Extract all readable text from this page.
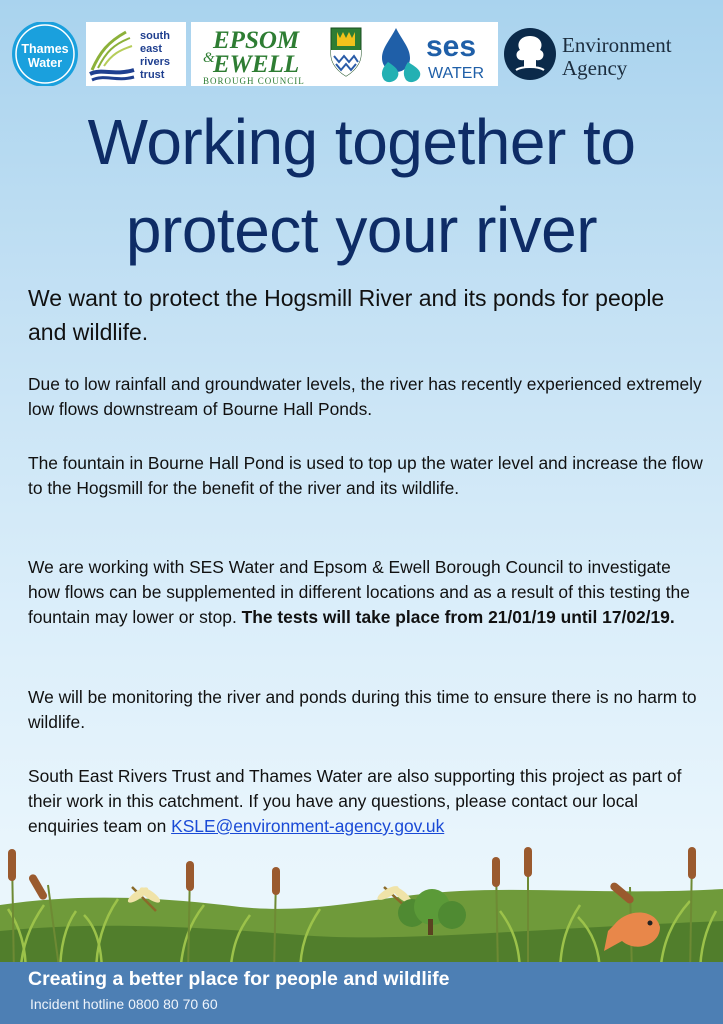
Thames
Water
south
east
rivers
trust
EPSOM
&
EWELL
BOROUGH COUNCIL
ses
WATER
Environment
Agency
Working together to
protect your river

We want to protect the Hogsmill River and its ponds for people and wildlife.

Due to low rainfall and groundwater levels, the river has recently experienced extremely low flows downstream of Bourne Hall Ponds.

The fountain in Bourne Hall Pond is used to top up the water level and increase the flow to the Hogsmill for the benefit of the river and its wildlife.

We are working with SES Water and Epsom & Ewell Borough Council to investigate how flows can be supplemented in different locations and as a result of this testing the fountain may lower or stop. The tests will take place from 21/01/19 until 17/02/19.

We will be monitoring the river and ponds during this time to ensure there is no harm to wildlife.

South East Rivers Trust and Thames Water are also supporting this project as part of their work in this catchment. If you have any questions, please contact our local enquiries team on KSLE@environment-agency.gov.uk

Creating a better place for people and wildlife
Incident hotline 0800 80 70 60
